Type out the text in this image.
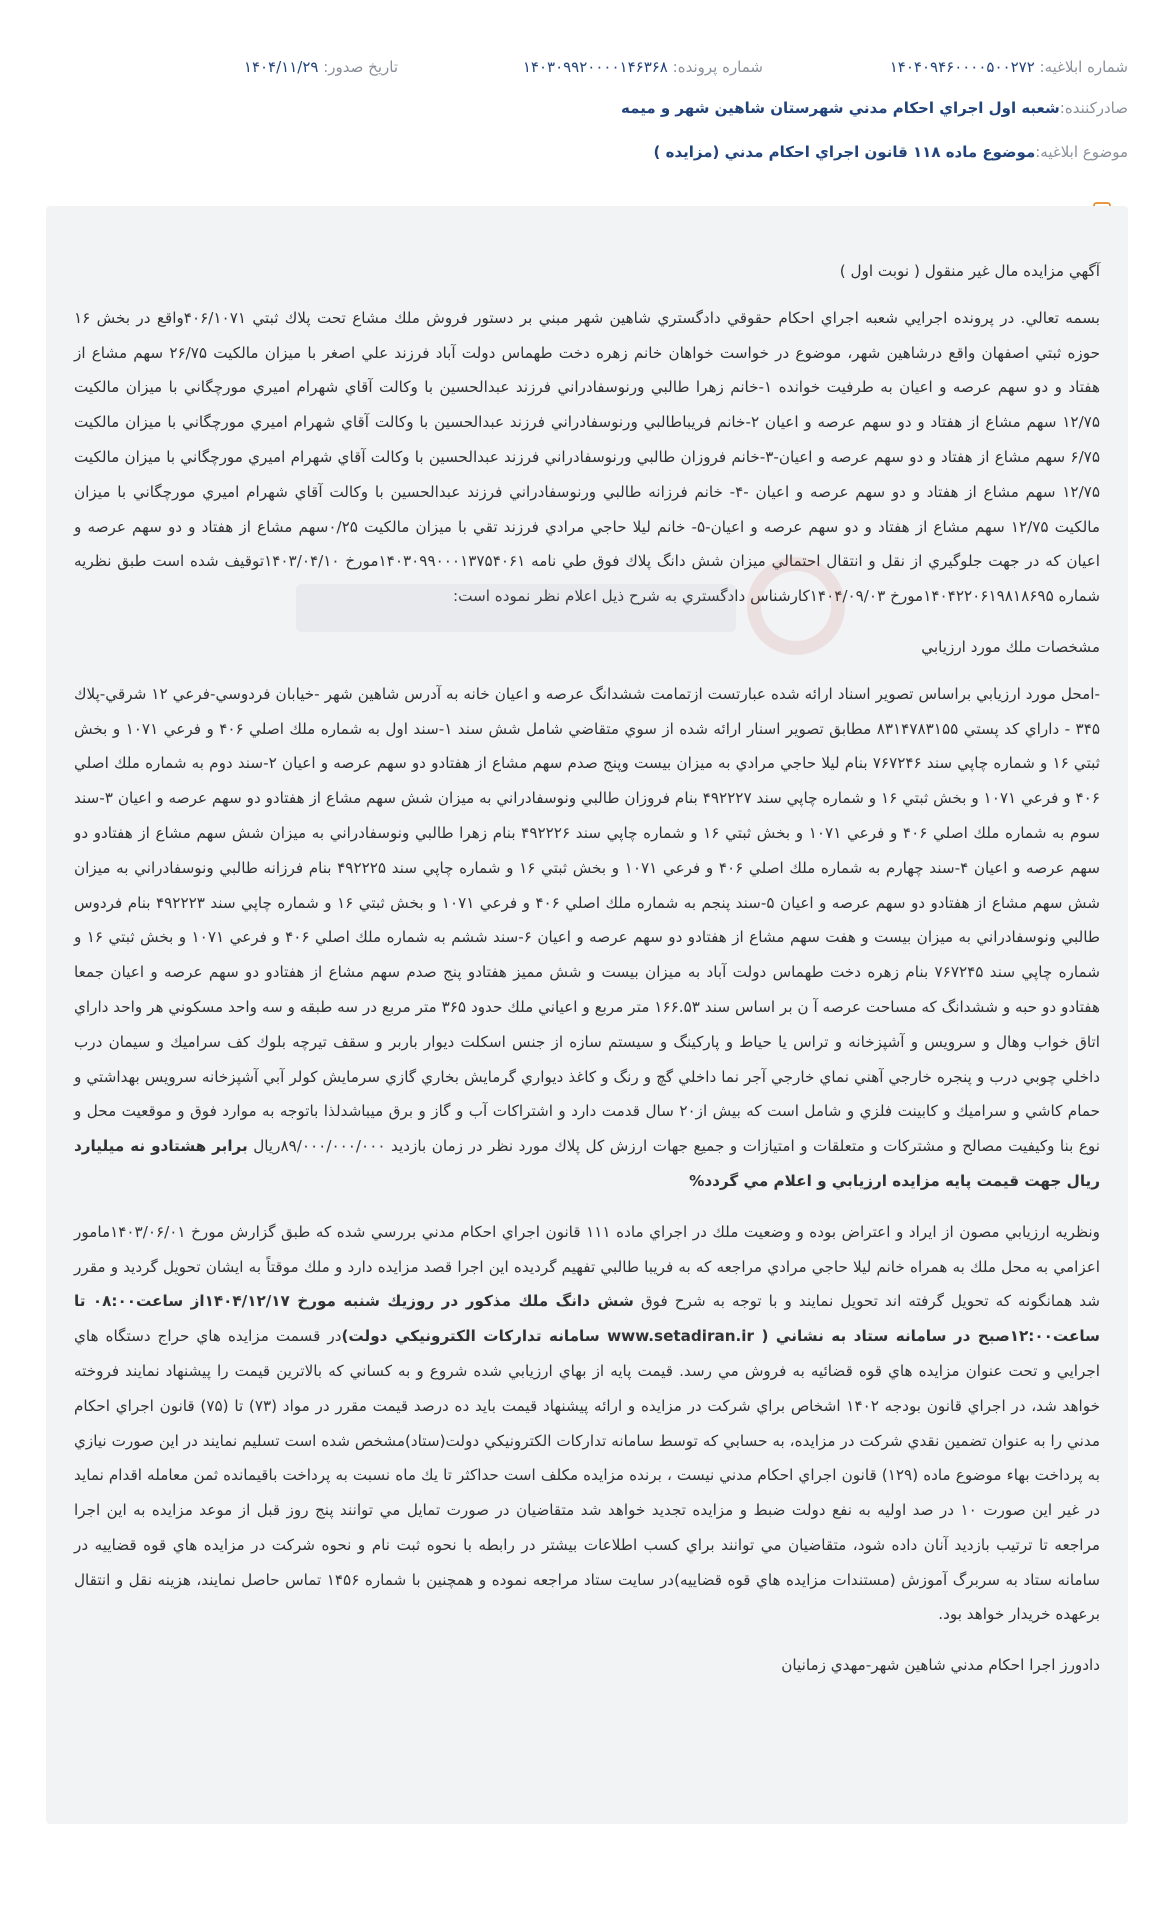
شماره ابلاغيه: ۱۴۰۴۰۹۴۶۰۰۰۰۵۰۰۲۷۲
شماره پرونده: ۱۴۰۳۰۹۹۲۰۰۰۰۱۴۶۳۶۸
تاريخ صدور: ۱۴۰۴/۱۱/۲۹
صادرکننده:
شعبه اول اجراي احکام مدني شهرستان شاهين شهر و ميمه
موضوع ابلاغيه:
موضوع ماده ۱۱۸ قانون اجراي احکام مدني (مزايده )

آگهي مزايده مال غير منقول ( نوبت اول )

بسمه تعالي. در پرونده اجرايي شعبه اجراي احكام حقوقي دادگستري شاهين شهر مبني بر دستور فروش ملك مشاع تحت پلاك ثبتي ۴۰۶/۱۰۷۱واقع در بخش ۱۶ حوزه ثبتي اصفهان واقع درشاهين شهر، موضوع در خواست خواهان خانم زهره دخت طهماس دولت آباد فرزند علي اصغر با ميزان مالكيت ۲۶/۷۵ سهم مشاع از هفتاد و دو سهم عرصه و اعيان به طرفيت خوانده ۱-خانم زهرا طالبي ورنوسفادراني فرزند عبدالحسين با وكالت آقاي شهرام اميري مورچگاني با ميزان مالكيت ۱۲/۷۵ سهم مشاع از هفتاد و دو سهم عرصه و اعيان ۲-خانم فريباطالبي ورنوسفادراني فرزند عبدالحسين با وكالت آقاي شهرام اميري مورچگاني با ميزان مالكيت ۶/۷۵ سهم مشاع از هفتاد و دو سهم عرصه و اعيان-۳-خانم فروزان طالبي ورنوسفادراني فرزند عبدالحسين با وكالت آقاي شهرام اميري مورچگاني با ميزان مالكيت ۱۲/۷۵ سهم مشاع از هفتاد و دو سهم عرصه و اعيان -۴- خانم فرزانه طالبي ورنوسفادراني فرزند عبدالحسين با وكالت آقاي شهرام اميري مورچگاني با ميزان مالكيت ۱۲/۷۵ سهم مشاع از هفتاد و دو سهم عرصه و اعيان-۵- خانم ليلا حاجي مرادي فرزند تقي با ميزان مالكيت ۰/۲۵سهم مشاع از هفتاد و دو سهم عرصه و اعيان كه در جهت جلوگيري از نقل و انتقال احتمالي ميزان شش دانگ پلاك فوق طي نامه ۱۴۰۳۰۹۹۰۰۰۱۳۷۵۴۰۶۱مورخ ۱۴۰۳/۰۴/۱۰توقيف شده است طبق نظريه شماره ۱۴۰۴۲۲۰۶۱۹۸۱۸۶۹۵مورخ ۱۴۰۴/۰۹/۰۳كارشناس دادگستري به شرح ذيل اعلام نظر نموده است:

مشخصات ملك مورد ارزيابي

-امحل مورد ارزيابي براساس تصوير اسناد ارائه شده عبارتست ازتمامت ششدانگ عرصه و اعيان خانه به آدرس شاهين شهر -خيابان فردوسي-فرعي ۱۲ شرقي-پلاك ۳۴۵ - داراي كد پستي ۸۳۱۴۷۸۳۱۵۵ مطابق تصوير اسنار ارائه شده از سوي متقاضي شامل شش سند ۱-سند اول به شماره ملك اصلي ۴۰۶ و فرعي ۱۰۷۱ و بخش ثبتي ۱۶ و شماره چاپي سند ۷۶۷۲۴۶ بنام ليلا حاجي مرادي به ميزان بيست وپنج صدم سهم مشاع از هفتادو دو سهم عرصه و اعيان ۲-سند دوم به شماره ملك اصلي ۴۰۶ و فرعي ۱۰۷۱ و بخش ثبتي ۱۶ و شماره چاپي سند ۴۹۲۲۲۷ بنام فروزان طالبي ونوسفادراني به ميزان شش سهم مشاع از هفتادو دو سهم عرصه و اعيان ۳-سند سوم به شماره ملك اصلي ۴۰۶ و فرعي ۱۰۷۱ و بخش ثبتي ۱۶ و شماره چاپي سند ۴۹۲۲۲۶ بنام زهرا طالبي ونوسفادراني به ميزان شش سهم مشاع از هفتادو دو سهم عرصه و اعيان ۴-سند چهارم به شماره ملك اصلي ۴۰۶ و فرعي ۱۰۷۱ و بخش ثبتي ۱۶ و شماره چاپي سند ۴۹۲۲۲۵ بنام فرزانه طالبي ونوسفادراني به ميزان شش سهم مشاع از هفتادو دو سهم عرصه و اعيان ۵-سند پنجم به شماره ملك اصلي ۴۰۶ و فرعي ۱۰۷۱ و بخش ثبتي ۱۶ و شماره چاپي سند ۴۹۲۲۲۳ بنام فردوس طالبي ونوسفادراني به ميزان بيست و هفت سهم مشاع از هفتادو دو سهم عرصه و اعيان ۶-سند ششم به شماره ملك اصلي ۴۰۶ و فرعي ۱۰۷۱ و بخش ثبتي ۱۶ و شماره چاپي سند ۷۶۷۲۴۵ بنام زهره دخت طهماس دولت آباد به ميزان بيست و شش مميز هفتادو پنج صدم سهم مشاع از هفتادو دو سهم عرصه و اعيان جمعا هفتادو دو حبه و ششدانگ كه مساحت عرصه آ ن بر اساس سند ۱۶۶.۵۳ متر مربع و اعياني ملك حدود ۳۶۵ متر مربع در سه طبقه و سه واحد مسكوني هر واحد داراي اتاق خواب وهال و سرويس و آشپزخانه و تراس يا حياط و پاركينگ و سيستم سازه از جنس اسكلت ديوار باربر و سقف تيرچه بلوك كف سراميك و سيمان درب داخلي چوبي درب و پنجره خارجي آهني نماي خارجي آجر نما داخلي گچ و رنگ و كاغذ ديواري گرمايش بخاري گازي سرمايش كولر آبي آشپزخانه سرويس بهداشتي و حمام كاشي و سراميك و كابينت فلزي و شامل است كه بيش از۲۰ سال قدمت دارد و اشتراكات آب و گاز و برق ميباشدلذا باتوجه به موارد فوق و موقعيت محل و نوع بنا وكيفيت مصالح و مشتركات و متعلقات و امتيازات و جميع جهات ارزش كل پلاك مورد نظر در زمان بازديد ۸۹/۰۰۰/۰۰۰/۰۰۰ريال برابر هشتادو نه ميليارد ريال جهت قيمت پايه مزايده ارزيابي و اعلام مي گردد%

ونظريه ارزيابي مصون از ايراد و اعتراض بوده و وضعيت ملك در اجراي ماده ۱۱۱ قانون اجراي احكام مدني بررسي شده كه طبق گزارش مورخ ۱۴۰۳/۰۶/۰۱مامور اعزامي به محل ملك به همراه خانم ليلا حاجي مرادي مراجعه كه به فريبا طالبي تفهيم گرديده اين اجرا قصد مزايده دارد و ملك موقتاً به ايشان تحويل گرديد و مقرر شد همانگونه كه تحويل گرفته اند تحويل نمايند و با توجه به شرح فوق شش دانگ ملك مذكور در روزيك شنبه مورخ ۱۴۰۴/۱۲/۱۷از ساعت۰۸:۰۰ تا ساعت۱۲:۰۰صبح در سامانه ستاد به نشاني ( www.setadiran.ir سامانه تدارکات الکترونيکي دولت)در قسمت مزايده هاي حراج دستگاه هاي اجرايي و تحت عنوان مزايده هاي قوه قضائيه به فروش مي رسد. قيمت پايه از بهاي ارزيابي شده شروع و به كساني كه بالاترين قيمت را پيشنهاد نمايند فروخته خواهد شد، در اجراي قانون بودجه ۱۴۰۲ اشخاص براي شركت در مزايده و ارائه پيشنهاد قيمت بايد ده درصد قيمت مقرر در مواد (۷۳) تا (۷۵) قانون اجراي احكام مدني را به عنوان تضمين نقدي شركت در مزايده، به حسابي كه توسط سامانه تداركات الكترونيكي دولت(ستاد)مشخص شده است تسليم نمايند در اين صورت نيازي به پرداخت بهاء موضوع ماده (۱۲۹) قانون اجراي احكام مدني نيست ، برنده مزايده مكلف است حداكثر تا يك ماه نسبت به پرداخت باقيمانده ثمن معامله اقدام نمايد در غير اين صورت ۱۰ در صد اوليه به نفع دولت ضبط و مزايده تجديد خواهد شد متقاضيان در صورت تمايل مي توانند پنج روز قبل از موعد مزايده به اين اجرا مراجعه تا ترتيب بازديد آنان داده شود، متقاضيان مي توانند براي كسب اطلاعات بيشتر در رابطه با نحوه ثبت نام و نحوه شركت در مزايده هاي قوه قضاييه در سامانه ستاد به سربرگ آموزش (مستندات مزايده هاي قوه قضاييه)در سايت ستاد مراجعه نموده و همچنين با شماره ۱۴۵۶ تماس حاصل نمايند، هزينه نقل و انتقال برعهده خريدار خواهد بود.

دادورز اجرا احكام مدني شاهين شهر-مهدي زمانيان
